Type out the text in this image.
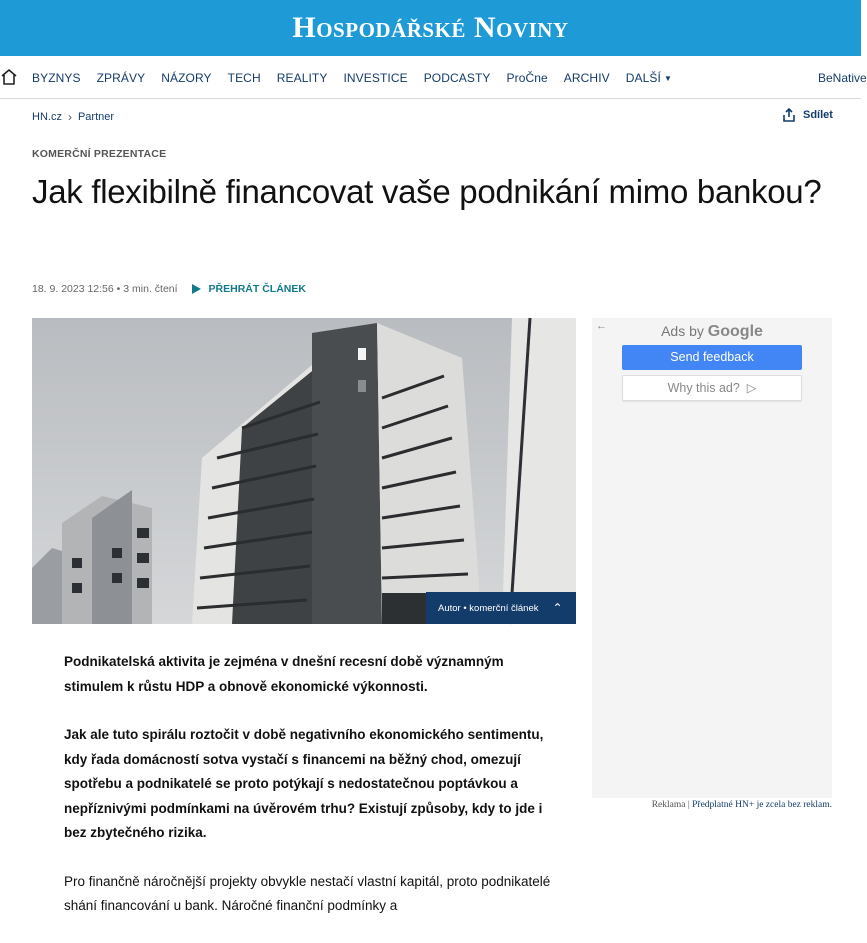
Hospodářské Noviny
BYZNYS ZPRÁVY NÁZORY TECH REALITY INVESTICE PODCASTY ProČne ARCHIV DALŠÍ ▼	BeNative
HN.cz › Partner	Sdílet
KOMERČNÍ PREZENTACE
Jak flexibilně financovat vaše podnikání mimo bankou?
18. 9. 2023 12:56 • 3 min. čtení	PŘEHRÁT ČLÁNEK
Autor • komerční článek ⌃
←	Ads by Google
Send feedback
Why this ad?  ▷
Reklama | Předplatné HN+ je zcela bez reklam.

Podnikatelská aktivita je zejména v dnešní recesní době významným stimulem k růstu HDP a obnově ekonomické výkonnosti.

Jak ale tuto spirálu roztočit v době negativního ekonomického sentimentu, kdy řada domácností sotva vystačí s financemi na běžný chod, omezují spotřebu a podnikatelé se proto potýkají s nedostatečnou poptávkou a nepříznivými podmínkami na úvěrovém trhu? Existují způsoby, kdy to jde i bez zbytečného rizika.

Pro finančně náročnější projekty obvykle nestačí vlastní kapitál, proto podnikatelé shání financování u bank. Náročné finanční podmínky a
